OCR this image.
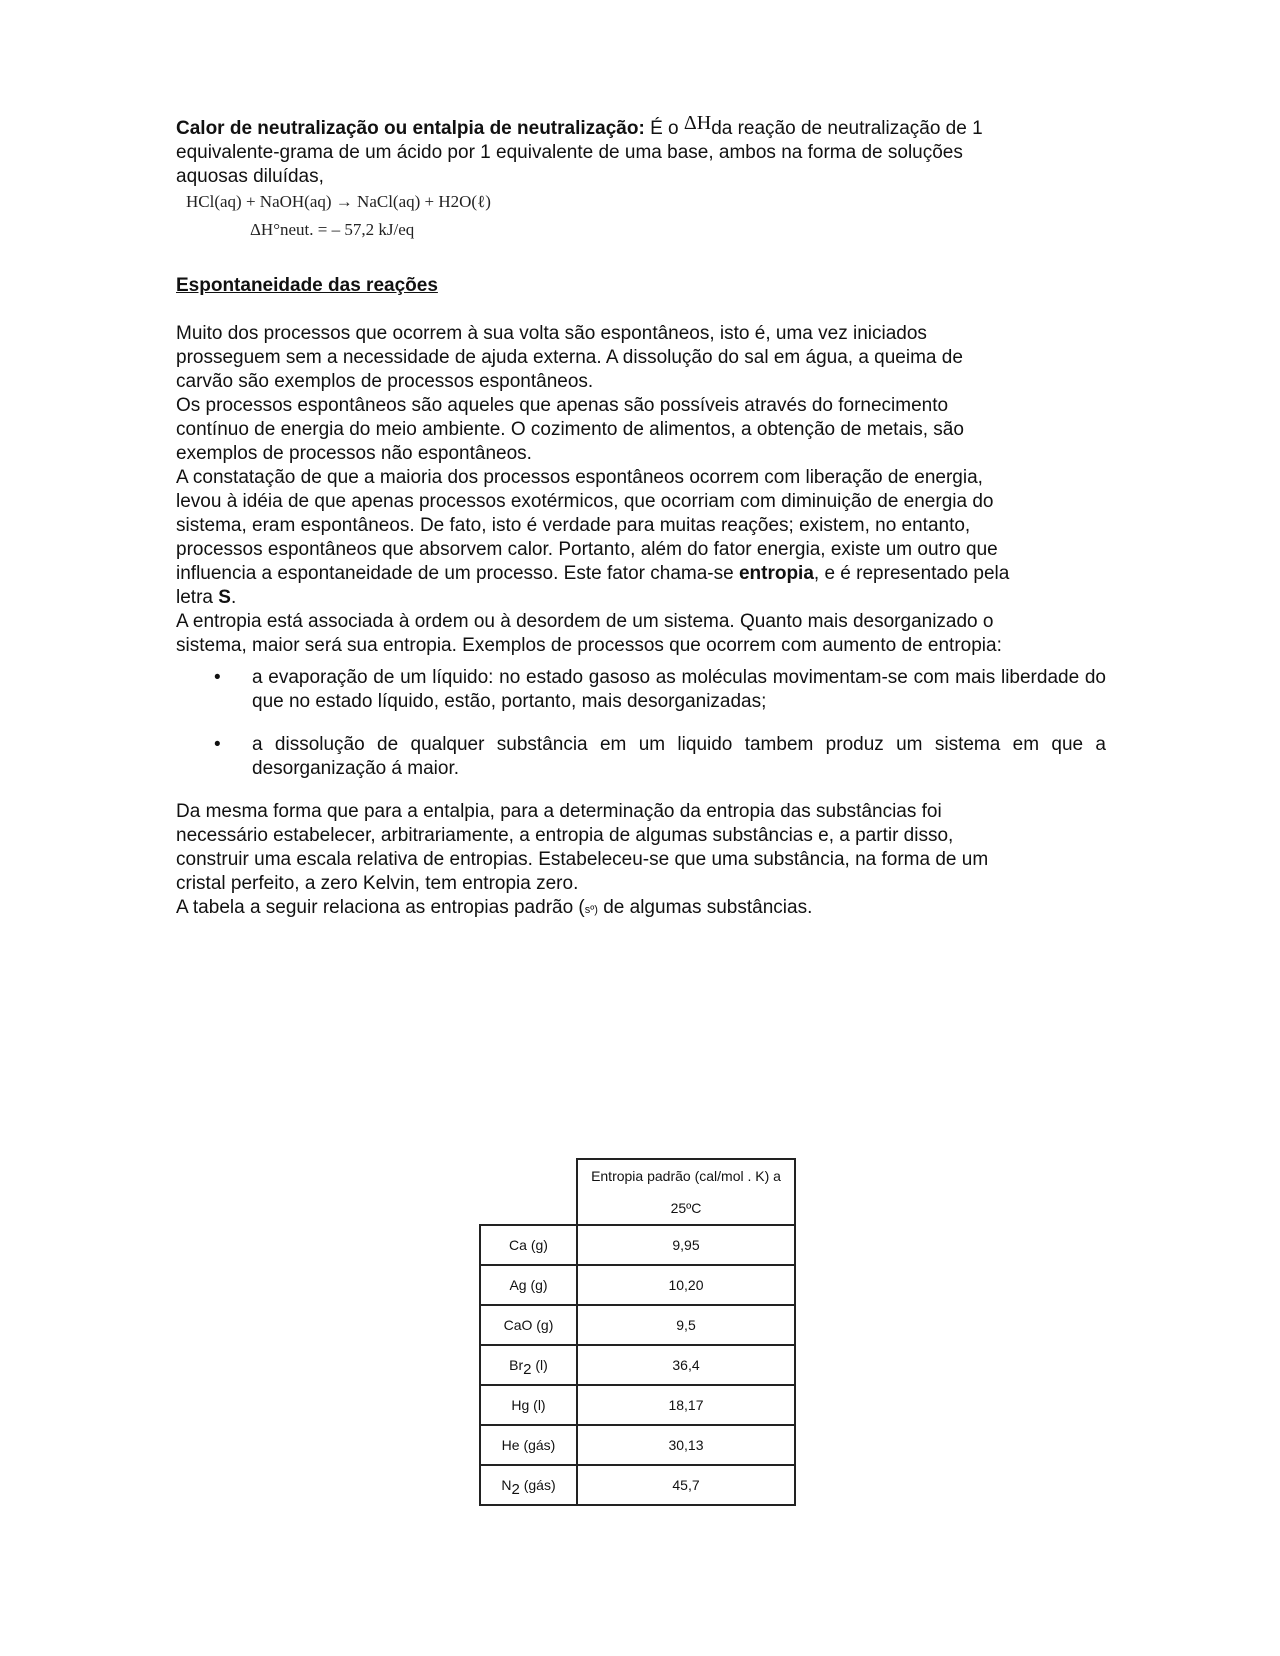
Calor de neutralização ou entalpia de neutralização: É o ΔHda reação de neutralização de 1
equivalente-grama de um ácido por 1 equivalente de uma base, ambos na forma de soluções
aquosas diluídas,
HCl(aq) + NaOH(aq) → NaCl(aq) + H2O(ℓ)
ΔH°neut. = – 57,2 kJ/eq
Espontaneidade das reações
Muito dos processos que ocorrem à sua volta são espontâneos, isto é, uma vez iniciados
prosseguem sem a necessidade de ajuda externa. A dissolução do sal em água, a queima de
carvão são exemplos de processos espontâneos.
Os processos espontâneos são aqueles que apenas são possíveis através do fornecimento
contínuo de energia do meio ambiente. O cozimento de alimentos, a obtenção de metais, são
exemplos de processos não espontâneos.
A constatação de que a maioria dos processos espontâneos ocorrem com liberação de energia,
levou à idéia de que apenas processos exotérmicos, que ocorriam com diminuição de energia do
sistema, eram espontâneos. De fato, isto é verdade para muitas reações; existem, no entanto,
processos espontâneos que absorvem calor. Portanto, além do fator energia, existe um outro que
influencia a espontaneidade de um processo. Este fator chama-se entropia, e é representado pela
letra S.
A entropia está associada à ordem ou à desordem de um sistema. Quanto mais desorganizado o
sistema, maior será sua entropia. Exemplos de processos que ocorrem com aumento de entropia:
• a evaporação de um líquido: no estado gasoso as moléculas movimentam-se com mais liberdade do que no estado líquido, estão, portanto, mais desorganizadas;
• a dissolução de qualquer substância em um liquido tambem produz um sistema em que a desorganização á maior.
Da mesma forma que para a entalpia, para a determinação da entropia das substâncias foi
necessário estabelecer, arbitrariamente, a entropia de algumas substâncias e, a partir disso,
construir uma escala relativa de entropias. Estabeleceu-se que uma substância, na forma de um
cristal perfeito, a zero Kelvin, tem entropia zero.
A tabela a seguir relaciona as entropias padrão (sº) de algumas substâncias.

	Entropia padrão (cal/mol . K) a
25ºC

Ca (g)	9,95
Ag (g)	10,20
CaO (g)	9,5
Br2 (l)	36,4
Hg (l)	18,17
He (gás)	30,13
N2 (gás)	45,7
